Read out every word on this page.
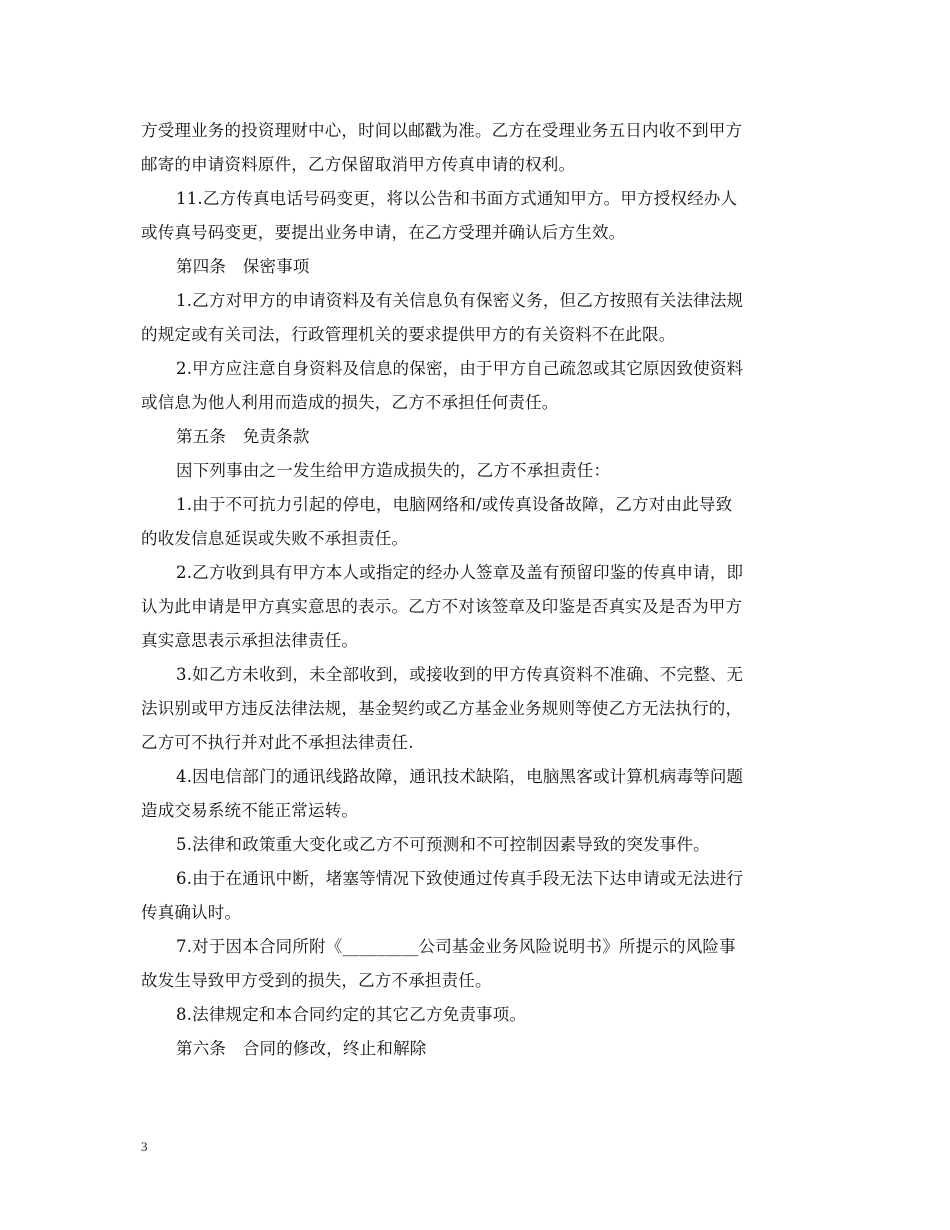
方受理业务的投资理财中心，时间以邮戳为准。乙方在受理业务五日内收不到甲方
邮寄的申请资料原件，乙方保留取消甲方传真申请的权利。
11.乙方传真电话号码变更，将以公告和书面方式通知甲方。甲方授权经办人
或传真号码变更，要提出业务申请，在乙方受理并确认后方生效。
第四条　保密事项
1.乙方对甲方的申请资料及有关信息负有保密义务，但乙方按照有关法律法规
的规定或有关司法，行政管理机关的要求提供甲方的有关资料不在此限。
2.甲方应注意自身资料及信息的保密，由于甲方自己疏忽或其它原因致使资料
或信息为他人利用而造成的损失，乙方不承担任何责任。
第五条　免责条款
因下列事由之一发生给甲方造成损失的，乙方不承担责任：
1.由于不可抗力引起的停电，电脑网络和/或传真设备故障，乙方对由此导致
的收发信息延误或失败不承担责任。
2.乙方收到具有甲方本人或指定的经办人签章及盖有预留印鉴的传真申请，即
认为此申请是甲方真实意思的表示。乙方不对该签章及印鉴是否真实及是否为甲方
真实意思表示承担法律责任。
3.如乙方未收到，未全部收到，或接收到的甲方传真资料不准确、不完整、无
法识别或甲方违反法律法规，基金契约或乙方基金业务规则等使乙方无法执行的，
乙方可不执行并对此不承担法律责任.
4.因电信部门的通讯线路故障，通讯技术缺陷，电脑黑客或计算机病毒等问题
造成交易系统不能正常运转。
5.法律和政策重大变化或乙方不可预测和不可控制因素导致的突发事件。
6.由于在通讯中断，堵塞等情况下致使通过传真手段无法下达申请或无法进行
传真确认时。
7.对于因本合同所附《_________公司基金业务风险说明书》所提示的风险事
故发生导致甲方受到的损失，乙方不承担责任。
8.法律规定和本合同约定的其它乙方免责事项。
第六条　合同的修改，终止和解除
3
